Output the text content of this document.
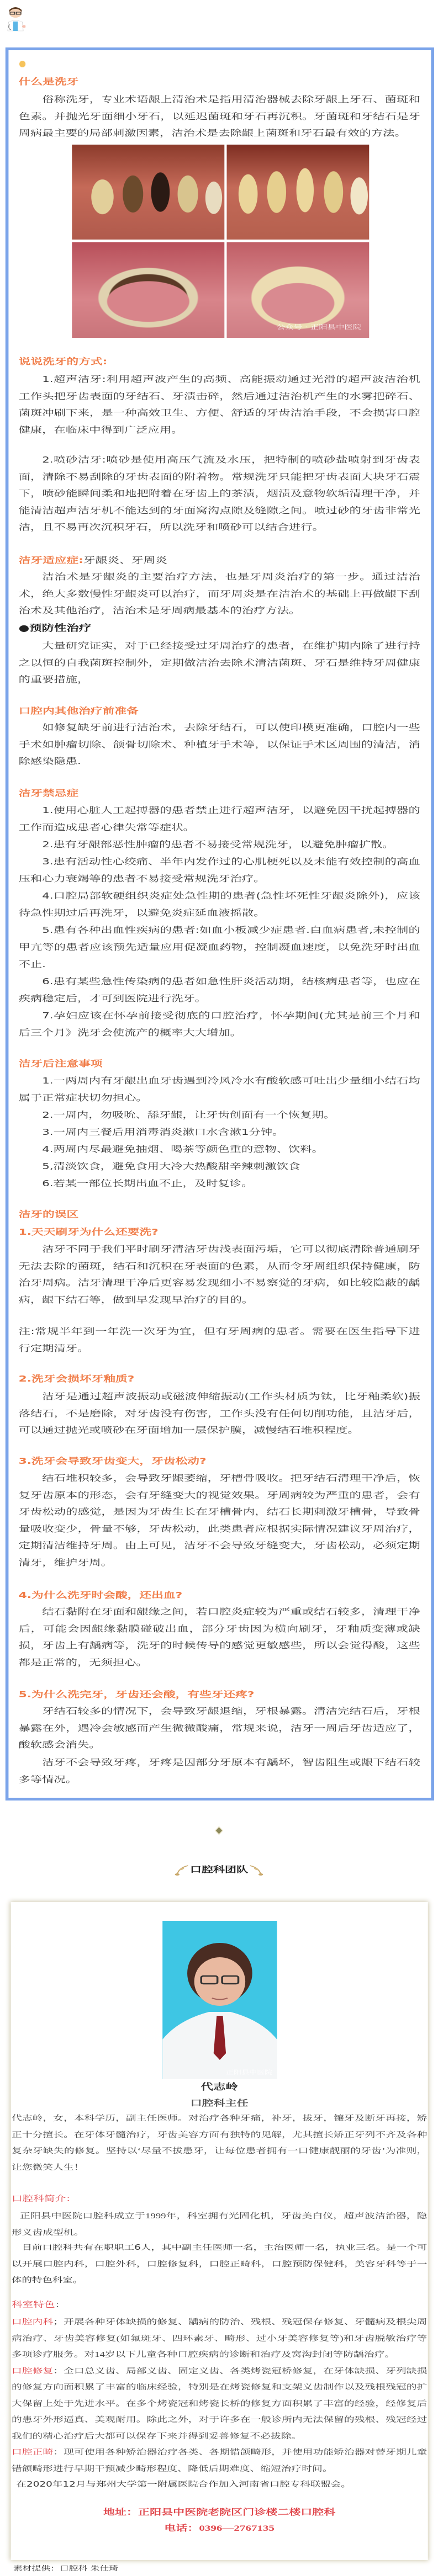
什么是洗牙

俗称洗牙，专业术语龈上清治术是指用清治器械去除牙龈上牙石、菌斑和色素。并抛光牙面细小牙石，以延迟菌斑和牙石再沉积。牙菌斑和牙结石是牙周病最主要的局部刺激因素，洁治术是去除龈上菌斑和牙石最有效的方法。

公众号 · 正阳县中医院
说说洗牙的方式:

1.超声洁牙:利用超声波产生的高频、高能振动通过光滑的超声波洁治机工作头把牙齿表面的牙结石、牙渍击碎，然后通过洁治机产生的水雾把碎石、菌斑冲刷下来，是一种高效卫生、方便、舒适的牙齿洁治手段，不会损害口腔健康，在临床中得到广泛应用。

2.喷砂洁牙:喷砂是使用高压气流及水压，把特制的喷砂盐喷射到牙齿表面，清除不易刮除的牙齿表面的附着物。常规洗牙只能把牙齿表面大块牙石震下，喷砂能瞬间柔和地把附着在牙齿上的茶渍，烟渍及意物软垢清理干净，并能清洁超声洁牙机不能达到的牙面窝沟点隙及缝隙之间。喷过砂的牙齿非常光洁，且不易再次沉积牙石，所以洗牙和喷砂可以结合进行。

洁牙适应症:牙龈炎、牙周炎

洁治术是牙龈炎的主要治疗方法，也是牙周炎治疗的第一步。通过洁治术，绝大多数慢性牙龈炎可以治疗，而牙周炎是在洁治术的基础上再做龈下刮治术及其他治疗，洁治术是牙周病最基本的治疗方法。

●预防性治疗

大量研究证实，对于已经接受过牙周治疗的患者，在维护期内除了进行持之以恒的自我菌斑控制外，定期做洁治去除术清洁菌斑、牙石是维持牙周健康的重要措施，

口腔内其他治疗前准备

如修复缺牙前进行洁治术，去除牙结石，可以使印模更准确，口腔内一些手术如肿瘤切除、颌骨切除术、种植牙手术等，以保证手术区周围的清洁，消除感染隐患.

洁牙禁忌症
1.使用心脏人工起搏器的患者禁止进行超声洁牙，以避免因干扰起搏器的工作而造成患者心律失常等症状。
2.患有牙龈部恶性肿瘤的患者不易接受常规洗牙，以避免肿瘤扩散。
3.患有活动性心绞痛、半年内发作过的心肌梗死以及未能有效控制的高血压和心力衰竭等的患者不易接受常规洗牙治疗。
4.口腔局部软硬组织炎症处急性期的患者(急性坏死性牙龈炎除外)，应该待急性期过后再洗牙，以避免炎症延血液摇散。
5.患有各种出血性疾病的患者:如血小板减少症患者.白血病患者,未控制的甲亢等的患者应该预先适量应用促凝血药物，控制凝血速度，以免洗牙时出血不止.
6.患有某些急性传染病的患者如急性肝炎活动期，结核病患者等，也应在疾病稳定后，才可到医院进行洗牙。
7.孕妇应该在怀孕前接受彻底的口腔治疗，怀孕期间(尤其是前三个月和后三个月》洗牙会使流产的概率大大增加。
洁牙后注意事项
1.一两周内有牙龈出血牙齿遇到冷风冷水有酸软感可吐出少量细小结石均属于正常症状切勿担心。
2.一周内，勿吸吮、舔牙龈，让牙齿创面有一个恢复期。
3.一周内三餐后用消毒消炎漱口水含漱1分钟。
4.两周内尽最避免抽烟、喝茶等颜色重的意物、饮料。
5,清淡饮食，避免食用大冷大热酸甜辛辣刺激饮食
6.若某一部位长期出血不止，及时复诊。
洁牙的误区
1.天天刷牙为什么还要洗?

洁牙不同于我们平时刷牙清洁牙齿浅表面污垢，它可以彻底清除普通刷牙无法去除的菌斑，结石和沉积在牙表面的色素，从而令牙周组织保持健康，防治牙周病。洁牙清理干净后更容易发现细小不易察觉的牙病，如比较隐蔽的龋病，龈下结石等，做到早发现早治疗的目的。

注:常规半年到一年洗一次牙为宜，但有牙周病的患者。需要在医生指导下进行定期清牙。

2.洗牙会损坏牙釉质?

洁牙是通过超声波振动或磁波伸缩振动(工作头材质为钛，比牙釉柔软)振落结石，不是磨除，对牙齿没有伤害，工作头没有任何切削功能，且洁牙后，可以通过抛光或喷砂在牙面增加一层保护膜，减慢结石堆积程度。

3.洗牙会导致牙齿变大，牙齿松动?

结石堆积较多，会导致牙龈萎缩，牙槽骨吸收。把牙结石清理干净后，恢复牙齿原本的形态，会有牙缝变大的视觉效果。牙周病较为严重的患者，会有牙齿松动的感觉，是因为牙齿生长在牙槽骨内，结石长期刺激牙槽骨，导致骨量吸收变少，骨量不够，牙齿松动，此类患者应根据实际情况建议牙周治疗，定期清洁维持牙周。由上可见，洁牙不会导致牙缝变大，牙齿松动，必须定期清牙，维护牙周。

4.为什么洗牙时会酸，还出血?

结石黏附在牙面和龈缘之间，若口腔炎症较为严重或结石较多，清理干净后，可能会因龈缘黏膜碰破出血，部分牙齿因为横向刷牙，牙釉质变薄或缺损，牙齿上有龋病等，洗牙的时候传导的感觉更敏感些，所以会觉得酸，这些都是正常的，无须担心。

5.为什么洗完牙，牙齿还会酸，有些牙还疼?

牙结石较多的情况下，会导致牙龈退缩，牙根暴露。清洁完结石后，牙根暴露在外，遇冷会敏感而产生微微酸痛，常规来说，洁牙一周后牙齿适应了，酸软感会消失。

洁牙不会导致牙疼，牙疼是因部分牙原本有龋坏，智齿阻生或龈下结石较多等情况。

口腔科团队
正阳县中医院
代志岭
口腔科主任

代志岭，女，本科学历，副主任医师。对治疗各种牙痛，补牙，拔牙，镶牙及断牙再接，矫正十分擅长。在牙体牙髓治疗，牙齿美容方面有独特的见解，尤其擅长矫正牙列不齐及各种复杂牙缺失的修复。坚持以‘尽量不拔患牙，让每位患者拥有一口健康靓丽的牙齿’为准则，让您微笑人生！

口腔科简介：

正阳县中医院口腔科成立于1999年，科室拥有光固化机，牙齿美白仪，超声波洁治器，隐形义齿成型机。

目前口腔科共有在职职工6人，其中副主任医师一名，主治医师一名，执业三名。是一个可以开展口腔内科，口腔外科，口腔修复科，口腔正畸科，口腔预防保健科，美容牙科等于一体的特色科室。

科室特色：

口腔内科；开展各种牙体缺损的修复、龋病的防治、残根、残冠保存修复、牙髓病及根尖周病治疗、牙齿美容修复(如氟斑牙、四环素牙、畸形、过小牙美容修复等)和牙齿脱敏治疗等多项诊疗服务。对14岁以下儿童各种口腔疾病的诊断和治疗及窝沟封闭等防龋治疗。

口腔修复：全口总义齿、局部义齿、固定义齿、各类烤瓷冠桥修复，在牙体缺损、牙列缺损的修复方向面积累了丰富的临床经验，特别是在烤瓷修复和支架义齿制作以及残根残冠的扩大保留上处于先进水平。在多个烤瓷冠和烤瓷长桥的修复方面积累了丰富的经验，经修复后的患牙外形逼真、美观耐用。除此之外，对于许多在一般诊所内无法保留的残根、残冠经过我们的精心治疗后大都可以保存下来并得到妥善修复不必拔除。

口腔正畸：现可使用各种矫治器治疗各类、各期错颌畸形，并使用功能矫治器对替牙期儿童错颌畸形进行早期干预减少畸形程度、降低后期难度、缩短治疗时间。

在2020年12月与郑州大学第一附属医院合作加入河南省口腔专科联盟会。

地址：正阳县中医院老院区门诊楼二楼口腔科
电话：0396—2767135
素材提供：口腔科 朱仕琦
